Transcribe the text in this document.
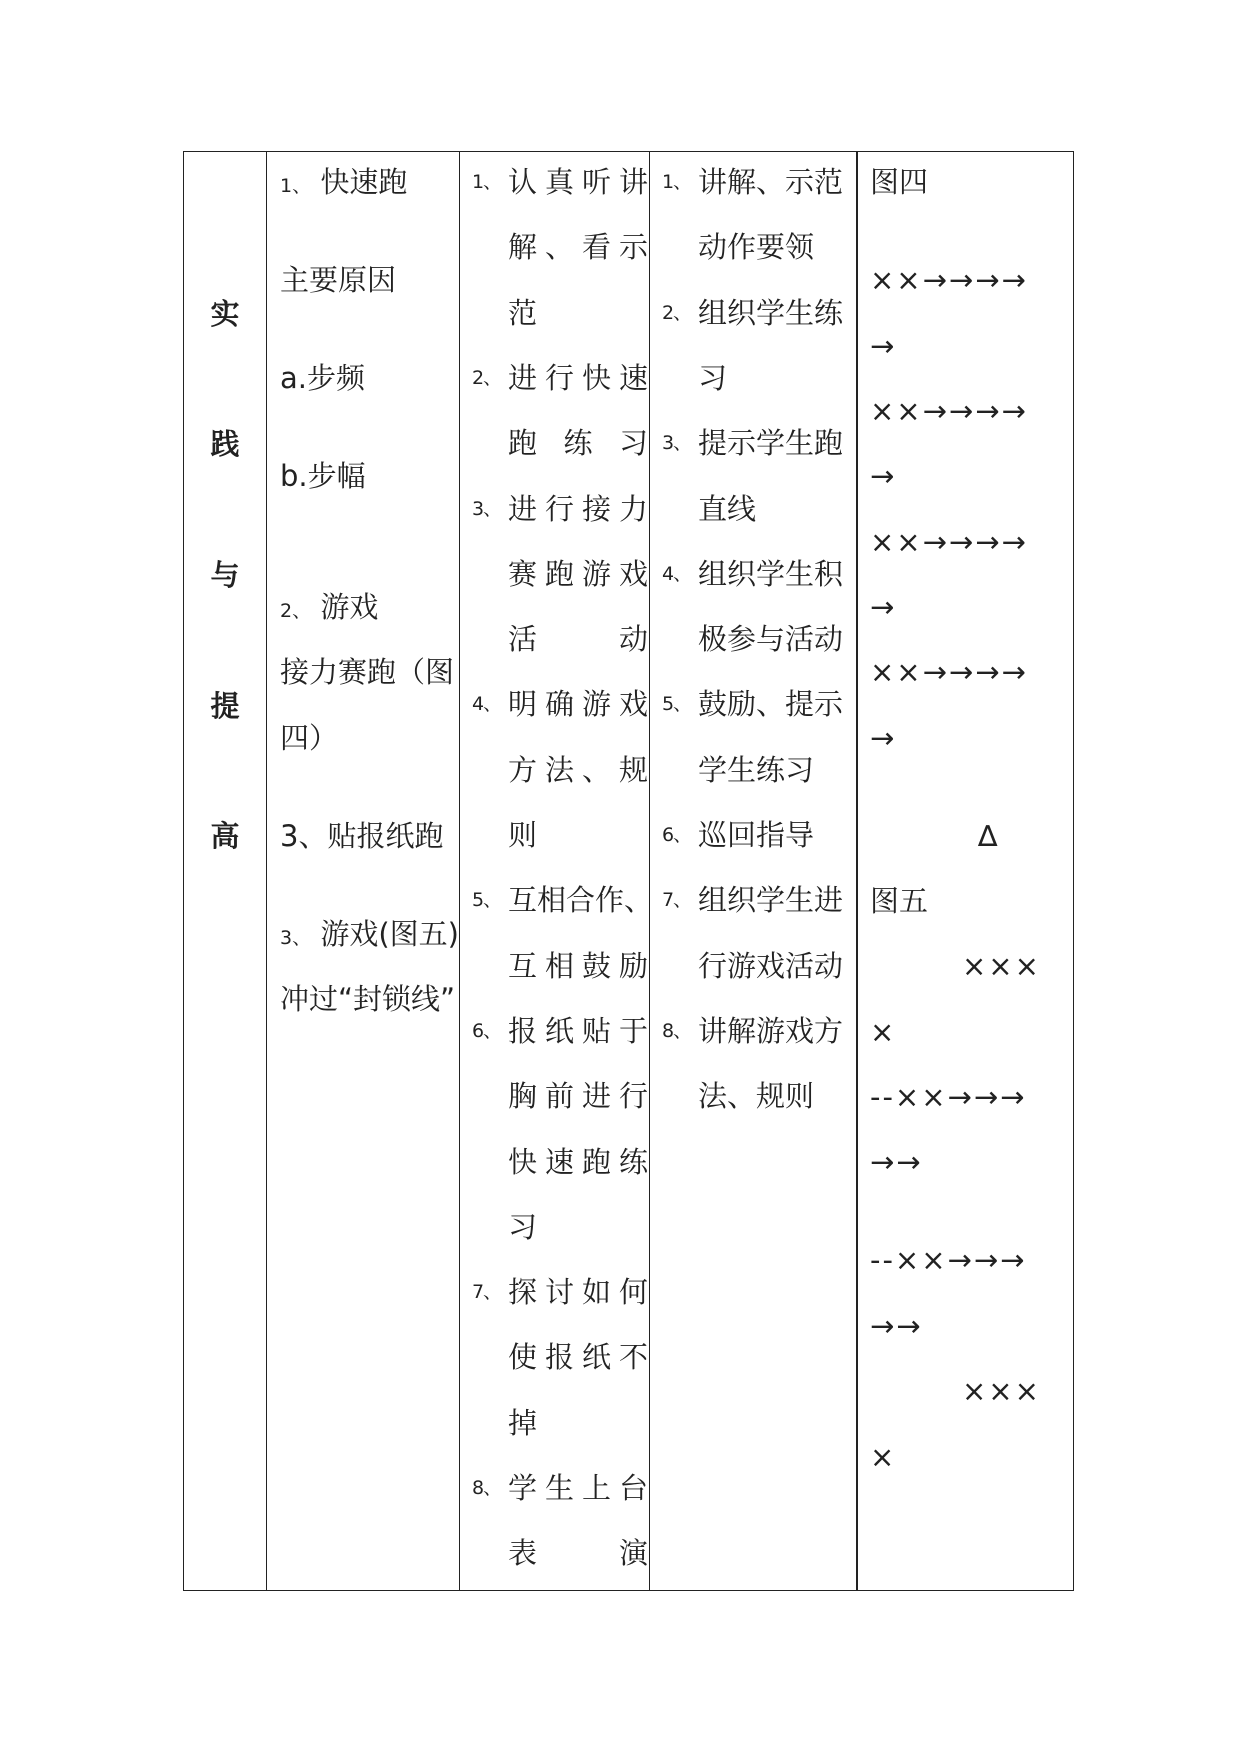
实
践
与
提
高
1、 快速跑
主要原因
a.步频
b.步幅
2、 游戏
接力赛跑（图
四）
3、贴报纸跑
3、 游戏(图五)
冲过“封锁线”
1
、 认真听讲
解、看示
范
2
、 进行快速
跑练习
3
、 进行接力
赛跑游戏
活动
4
、 明确游戏
方法、规
则
5
、 互相合作、
互相鼓励
6
、 报纸贴于
胸前进行
快速跑练
习
7
、 探讨如何
使报纸不
掉
8
、 学生上台
表演
1
、 讲解、示范
动作要领
2
、 组织学生练
习
3
、 提示学生跑
直线
4
、 组织学生积
极参与活动
5
、 鼓励、提示
学生练习
6
、 巡回指导
7
、 组织学生进
行游戏活动
8
、 讲解游戏方
法、规则
图四
××→→→→
→
××→→→→
→
××→→→→
→
××→→→→
→
∆
图五
×××
×
--××→→→
→→
--××→→→
→→
×××
×
